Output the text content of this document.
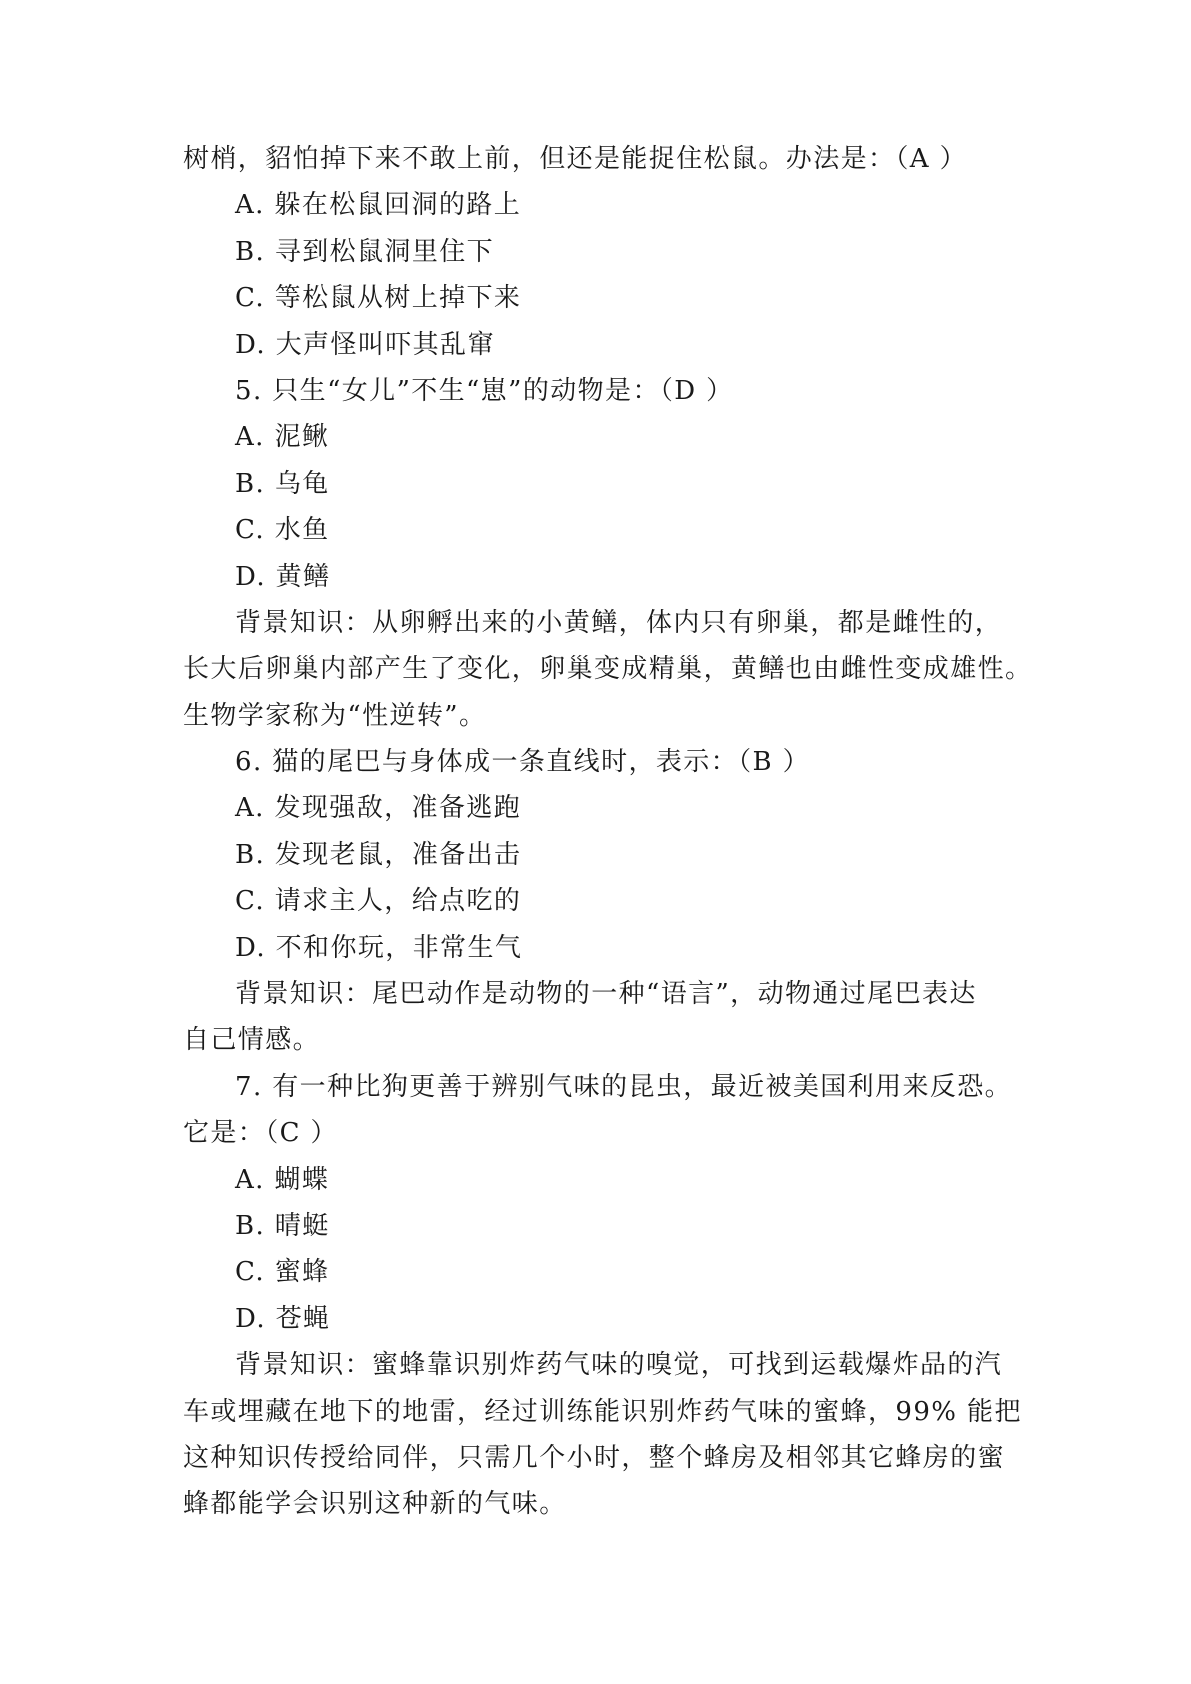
树梢，貂怕掉下来不敢上前，但还是能捉住松鼠。办法是：（A ）
A. 躲在松鼠回洞的路上
B. 寻到松鼠洞里住下
C. 等松鼠从树上掉下来
D. 大声怪叫吓其乱窜
5. 只生“女儿”不生“崽”的动物是：（D ）
A. 泥鳅
B. 乌龟
C. 水鱼
D. 黄鳝
背景知识：从卵孵出来的小黄鳝，体内只有卵巢，都是雌性的，
长大后卵巢内部产生了变化，卵巢变成精巢，黄鳝也由雌性变成雄性。
生物学家称为“性逆转”。
6. 猫的尾巴与身体成一条直线时，表示：（B ）
A. 发现强敌，准备逃跑
B. 发现老鼠，准备出击
C. 请求主人，给点吃的
D. 不和你玩，非常生气
背景知识：尾巴动作是动物的一种“语言”，动物通过尾巴表达
自己情感。
7. 有一种比狗更善于辨别气味的昆虫，最近被美国利用来反恐。
它是：（C ）
A. 蝴蝶
B. 晴蜓
C. 蜜蜂
D. 苍蝇
背景知识：蜜蜂靠识别炸药气味的嗅觉，可找到运载爆炸品的汽
车或埋藏在地下的地雷，经过训练能识别炸药气味的蜜蜂，99% 能把
这种知识传授给同伴，只需几个小时，整个蜂房及相邻其它蜂房的蜜
蜂都能学会识别这种新的气味。
